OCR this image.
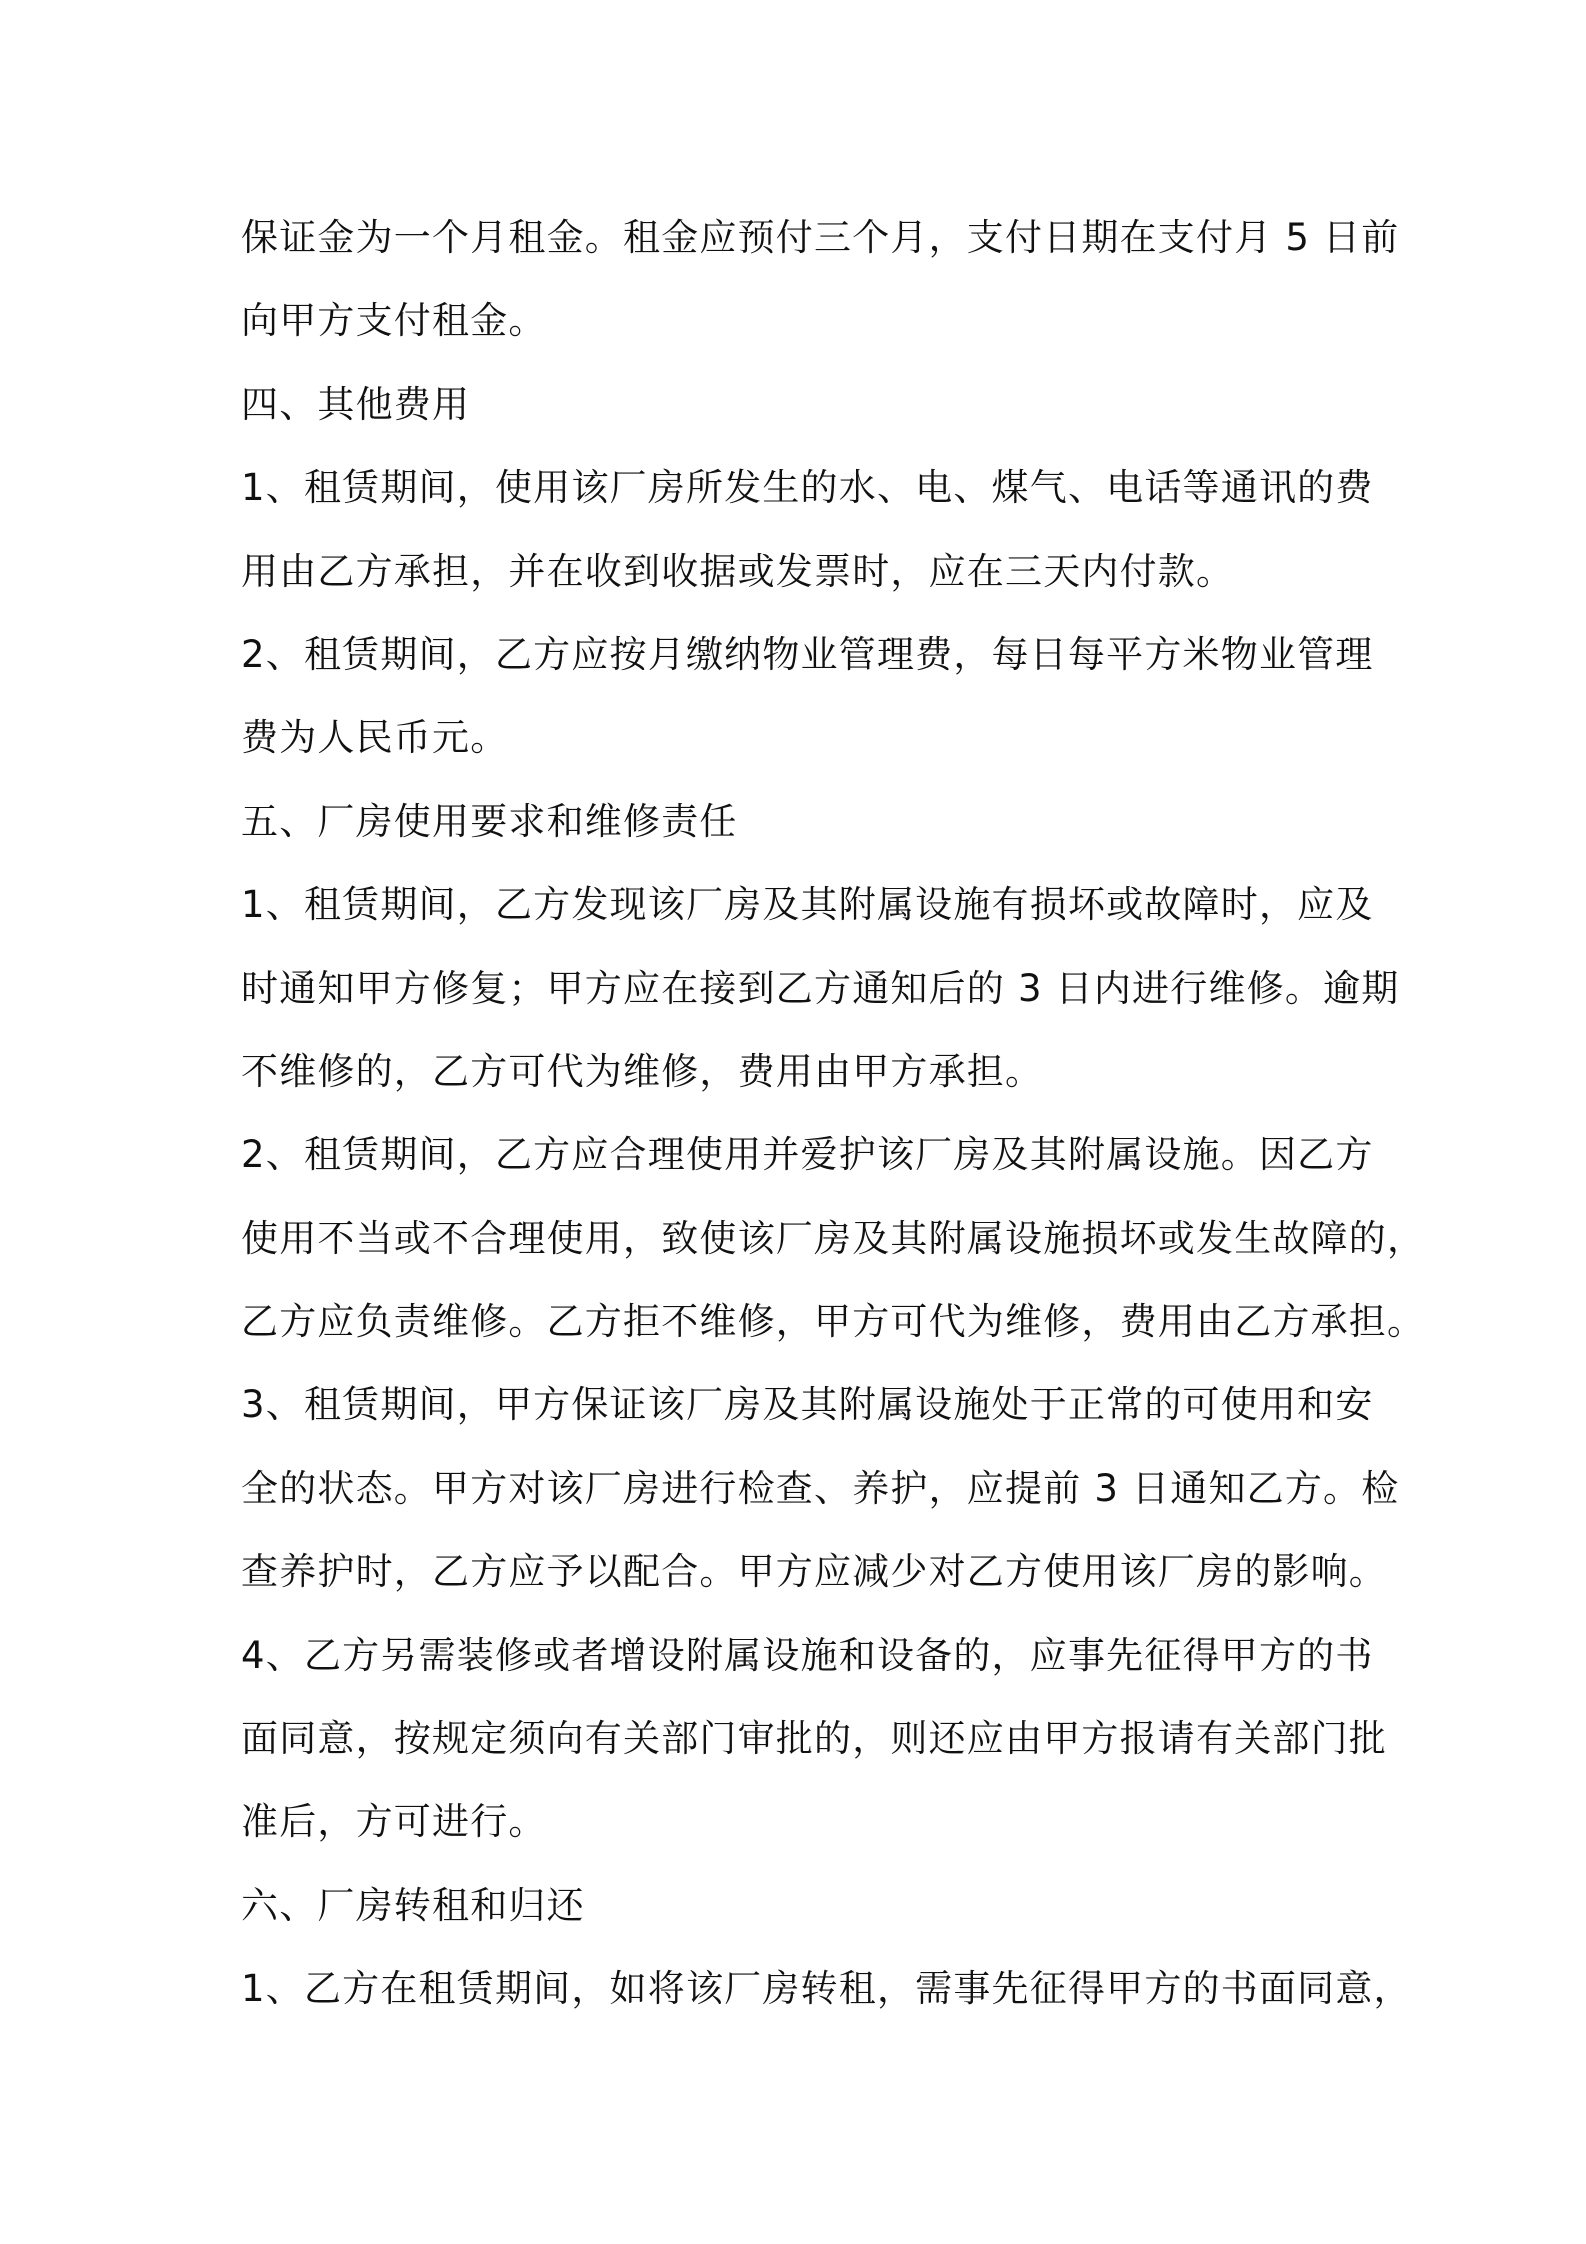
保证金为一个月租金。租金应预付三个月，支付日期在支付月 5 日前
向甲方支付租金。
四、其他费用
1、租赁期间，使用该厂房所发生的水、电、煤气、电话等通讯的费
用由乙方承担，并在收到收据或发票时，应在三天内付款。
2、租赁期间，乙方应按月缴纳物业管理费，每日每平方米物业管理
费为人民币元。
五、厂房使用要求和维修责任
1、租赁期间，乙方发现该厂房及其附属设施有损坏或故障时，应及
时通知甲方修复；甲方应在接到乙方通知后的 3 日内进行维修。逾期
不维修的，乙方可代为维修，费用由甲方承担。
2、租赁期间，乙方应合理使用并爱护该厂房及其附属设施。因乙方
使用不当或不合理使用，致使该厂房及其附属设施损坏或发生故障的，
乙方应负责维修。乙方拒不维修，甲方可代为维修，费用由乙方承担。
3、租赁期间，甲方保证该厂房及其附属设施处于正常的可使用和安
全的状态。甲方对该厂房进行检查、养护，应提前 3 日通知乙方。检
查养护时，乙方应予以配合。甲方应减少对乙方使用该厂房的影响。
4、乙方另需装修或者增设附属设施和设备的，应事先征得甲方的书
面同意，按规定须向有关部门审批的，则还应由甲方报请有关部门批
准后，方可进行。
六、厂房转租和归还
1、乙方在租赁期间，如将该厂房转租，需事先征得甲方的书面同意，
